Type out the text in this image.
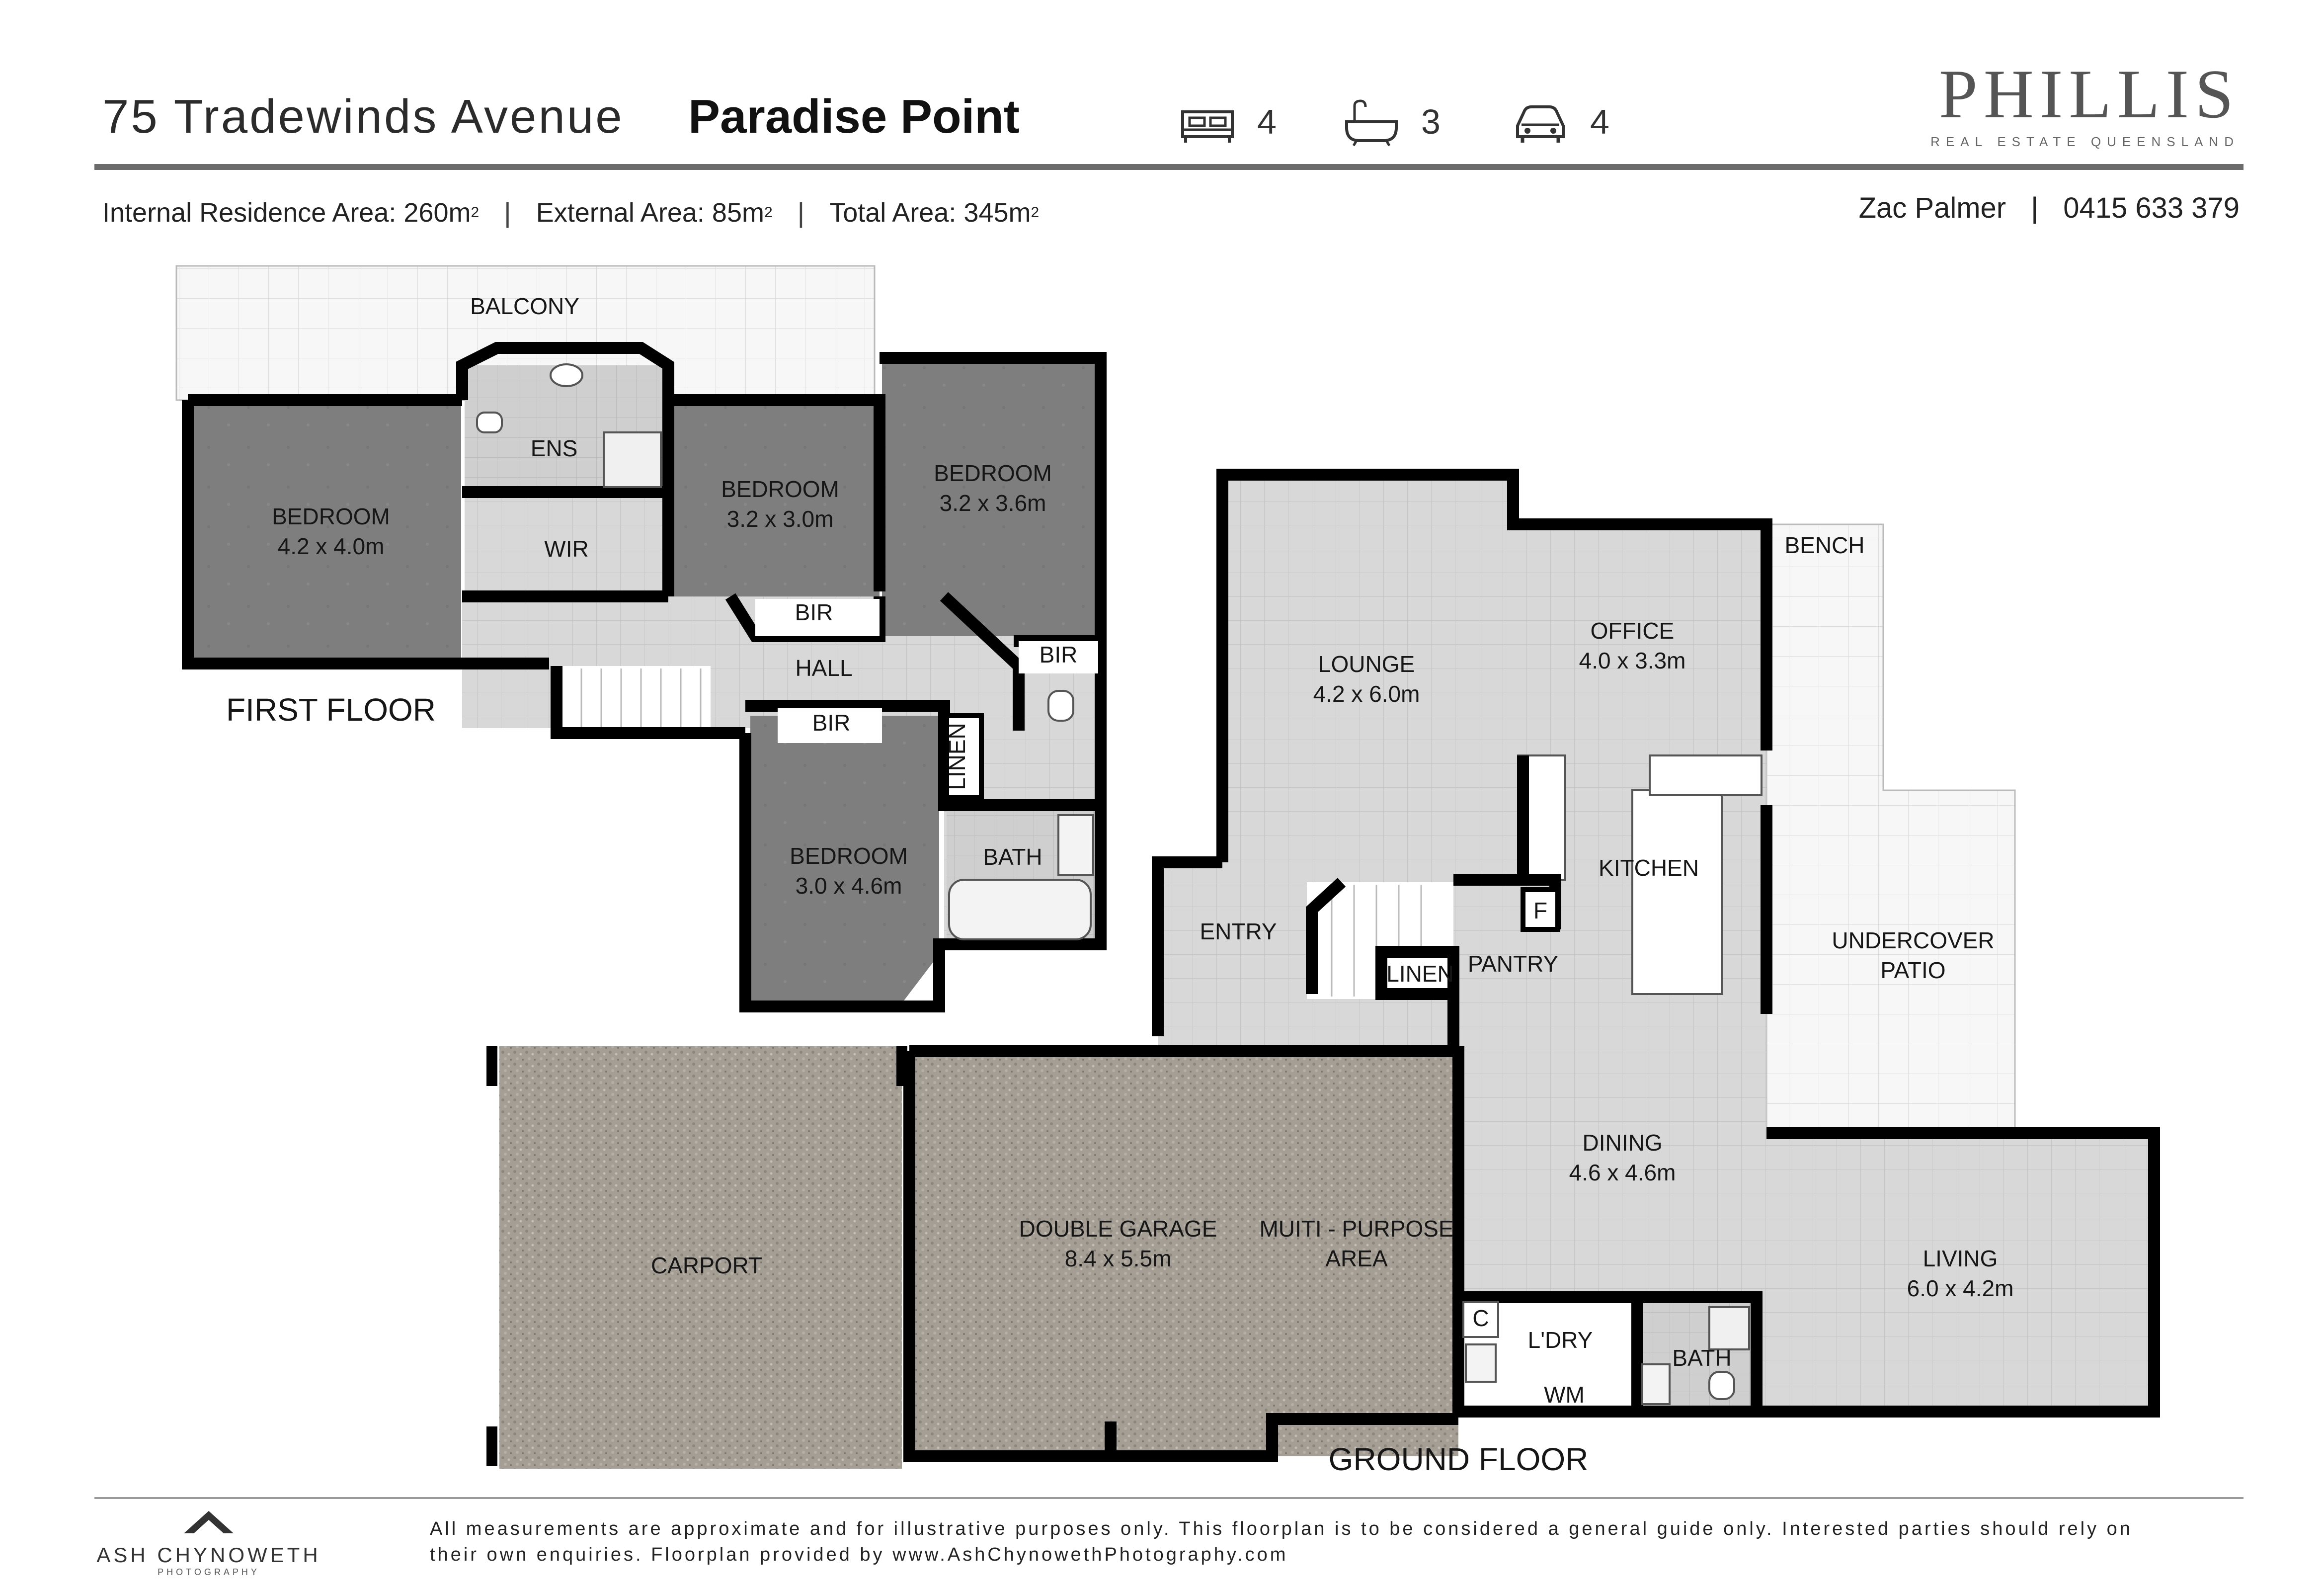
75 Tradewinds Avenue Paradise Point	4	3	4	PHILLIS
REAL ESTATE QUEENSLAND
Internal Residence Area:
260m 2 | External Area:
85m 2 | Total Area:
345m 2	Zac Palmer | 0415 633 379
BALCONY
ENS
WIR
BEDROOM
4.2 x 4.0m
BEDROOM
3.2 x 3.0m
BEDROOM
3.2 x 3.6m
BEDROOM
3.0 x 4.6m
BIR
BIR
BIR
HALL
LINEN
BATH
FIRST FLOOR
LOUNGE
4.2 x 6.0m
OFFICE
4.0 x 3.3m
BENCH
KITCHEN
F
ENTRY
LINEN PANTRY
UNDERCOVER
PATIO
DINING
4.6 x 4.6m
LIVING
6.0 x 4.2m
CARPORT
DOUBLE GARAGE
8.4 x 5.5m
MUITI - PURPOSE
AREA
C
L'DRY
WM
BATH
GROUND FLOOR
ASH CHYNOWETH
PHOTOGRAPHY
All measurements are approximate and for illustrative purposes only. This floorplan is to be considered a general guide only. Interested parties should rely on their own enquiries. Floorplan provided by www.AshChynowethPhotography.com
